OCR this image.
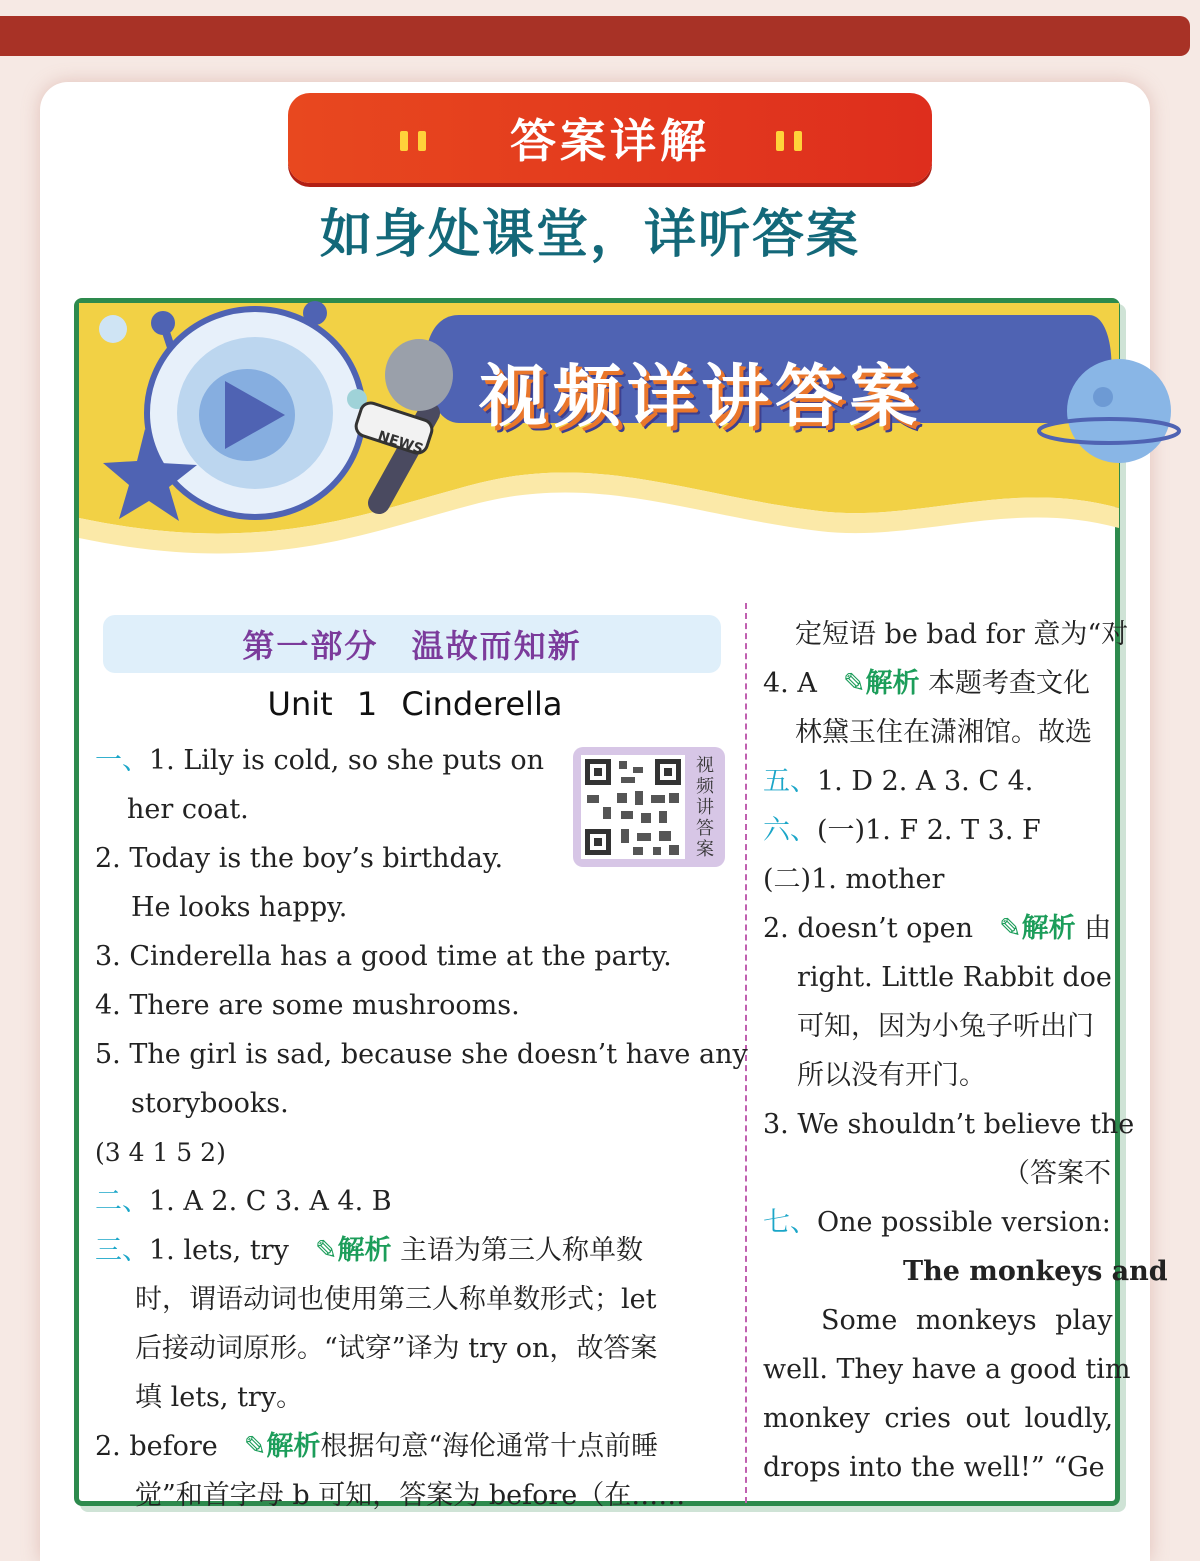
答案详解
如身处课堂，详听答案
视频详讲答案
NEWS
第一部分 温故而知新
Unit 1 Cinderella
视频讲答案
一、1. Lily is cold, so she puts on
her coat.
2. Today is the boy’s birthday.
He looks happy.
3. Cinderella has a good time at the party.
4. There are some mushrooms.
5. The girl is sad, because she doesn’t have any
storybooks.
(3 4 1 5 2)
二、1. A 2. C 3. A 4. B
三、1. lets, try ✎解析 主语为第三人称单数
时，谓语动词也使用第三人称单数形式；let
后接动词原形。“试穿”译为 try on，故答案
填 lets, try。
2. before ✎解析根据句意“海伦通常十点前睡
觉”和首字母 b 可知，答案为 before（在……
定短语 be bad for 意为“对
4. A ✎解析 本题考查文化
林黛玉住在潇湘馆。故选
五、1. D 2. A 3. C 4.
六、(一)1. F 2. T 3. F
(二)1. mother
2. doesn’t open ✎解析 由
right. Little Rabbit doe
可知，因为小兔子听出门
所以没有开门。
3. We shouldn’t believe the
（答案不
七、One possible version:
The monkeys and
Some monkeys play
well. They have a good tim
monkey cries out loudly,
drops into the well!” “Ge
